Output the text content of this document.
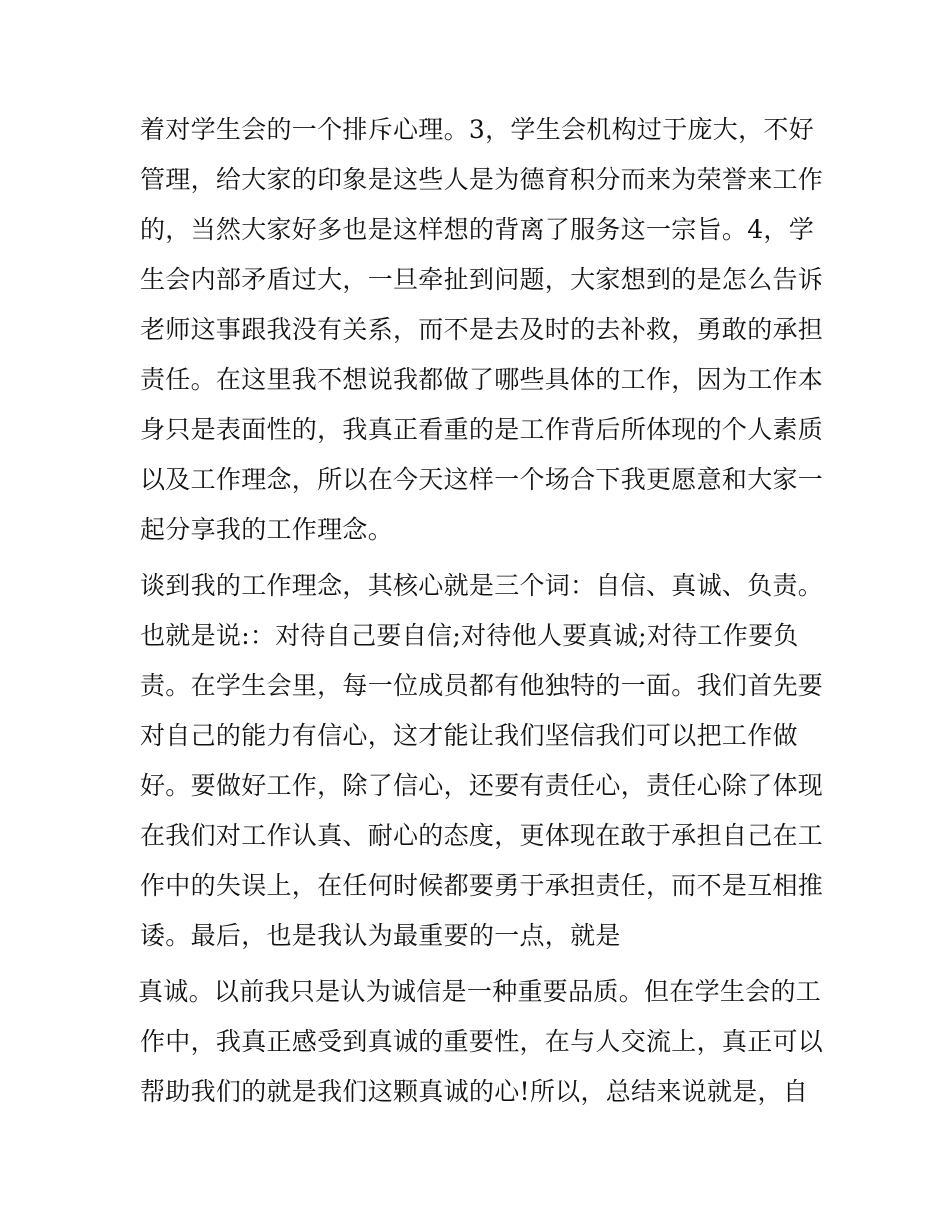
着对学生会的一个排斥心理。3，学生会机构过于庞大，不好
管理，给大家的印象是这些人是为德育积分而来为荣誉来工作
的，当然大家好多也是这样想的背离了服务这一宗旨。4，学
生会内部矛盾过大，一旦牵扯到问题，大家想到的是怎么告诉
老师这事跟我没有关系，而不是去及时的去补救，勇敢的承担
责任。在这里我不想说我都做了哪些具体的工作，因为工作本
身只是表面性的，我真正看重的是工作背后所体现的个人素质
以及工作理念，所以在今天这样一个场合下我更愿意和大家一
起分享我的工作理念。
谈到我的工作理念，其核心就是三个词：自信、真诚、负责。
也就是说:：对待自己要自信;对待他人要真诚;对待工作要负
责。在学生会里，每一位成员都有他独特的一面。我们首先要
对自己的能力有信心，这才能让我们坚信我们可以把工作做
好。要做好工作，除了信心，还要有责任心，责任心除了体现
在我们对工作认真、耐心的态度，更体现在敢于承担自己在工
作中的失误上，在任何时候都要勇于承担责任，而不是互相推
诿。最后，也是我认为最重要的一点，就是
真诚。以前我只是认为诚信是一种重要品质。但在学生会的工
作中，我真正感受到真诚的重要性，在与人交流上，真正可以
帮助我们的就是我们这颗真诚的心!所以，总结来说就是，自
